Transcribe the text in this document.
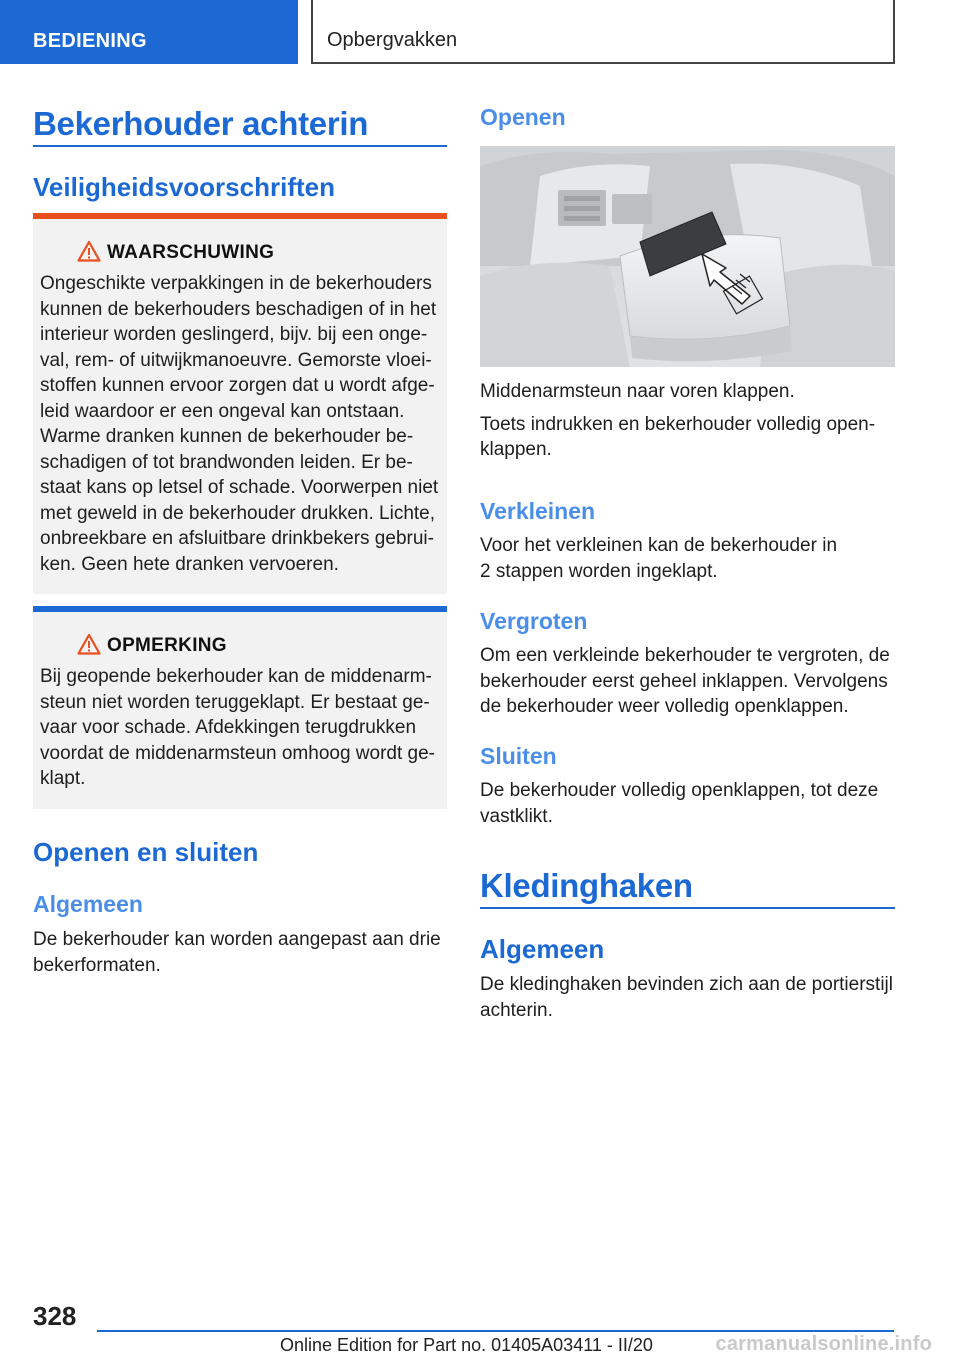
BEDIENING	Opbergvakken
Bekerhouder achterin
Veiligheidsvoorschriften
WAARSCHUWING
Ongeschikte verpakkingen in de bekerhouders
kunnen de bekerhouders beschadigen of in het
interieur worden geslingerd, bijv. bij een onge-
val, rem- of uitwijkmanoeuvre. Gemorste vloei-
stoffen kunnen ervoor zorgen dat u wordt afge-
leid waardoor er een ongeval kan ontstaan.
Warme dranken kunnen de bekerhouder be-
schadigen of tot brandwonden leiden. Er be-
staat kans op letsel of schade. Voorwerpen niet
met geweld in de bekerhouder drukken. Lichte,
onbreekbare en afsluitbare drinkbekers gebrui-
ken. Geen hete dranken vervoeren.
OPMERKING
Bij geopende bekerhouder kan de middenarm-
steun niet worden teruggeklapt. Er bestaat ge-
vaar voor schade. Afdekkingen terugdrukken
voordat de middenarmsteun omhoog wordt ge-
klapt.
Openen en sluiten
Algemeen
De bekerhouder kan worden aangepast aan drie
bekerformaten.
Openen
Middenarmsteun naar voren klappen.
Toets indrukken en bekerhouder volledig open-
klappen.
Verkleinen
Voor het verkleinen kan de bekerhouder in
2 stappen worden ingeklapt.
Vergroten
Om een verkleinde bekerhouder te vergroten, de
bekerhouder eerst geheel inklappen. Vervolgens
de bekerhouder weer volledig openklappen.
Sluiten
De bekerhouder volledig openklappen, tot deze
vastklikt.
Kledinghaken
Algemeen
De kledinghaken bevinden zich aan de portierstijl
achterin.
328
Online Edition for Part no. 01405A03411 - II/20	carmanualsonline.info
